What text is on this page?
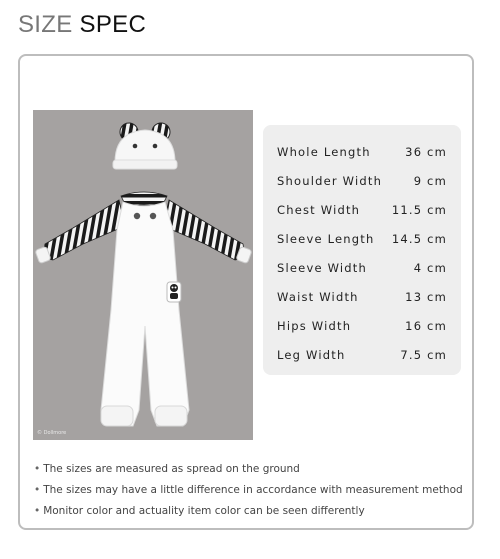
SIZE SPEC
© Dollmore
Whole Length	36 cm
Shoulder Width	9 cm
Chest Width	11.5 cm
Sleeve Length 14.5 cm
Sleeve Width	4 cm
Waist Width	13 cm
Hips Width	16 cm
Leg Width	7.5 cm
• The sizes are measured as spread on the ground
• The sizes may have a little difference in accordance with measurement method
• Monitor color and actuality item color can be seen differently
